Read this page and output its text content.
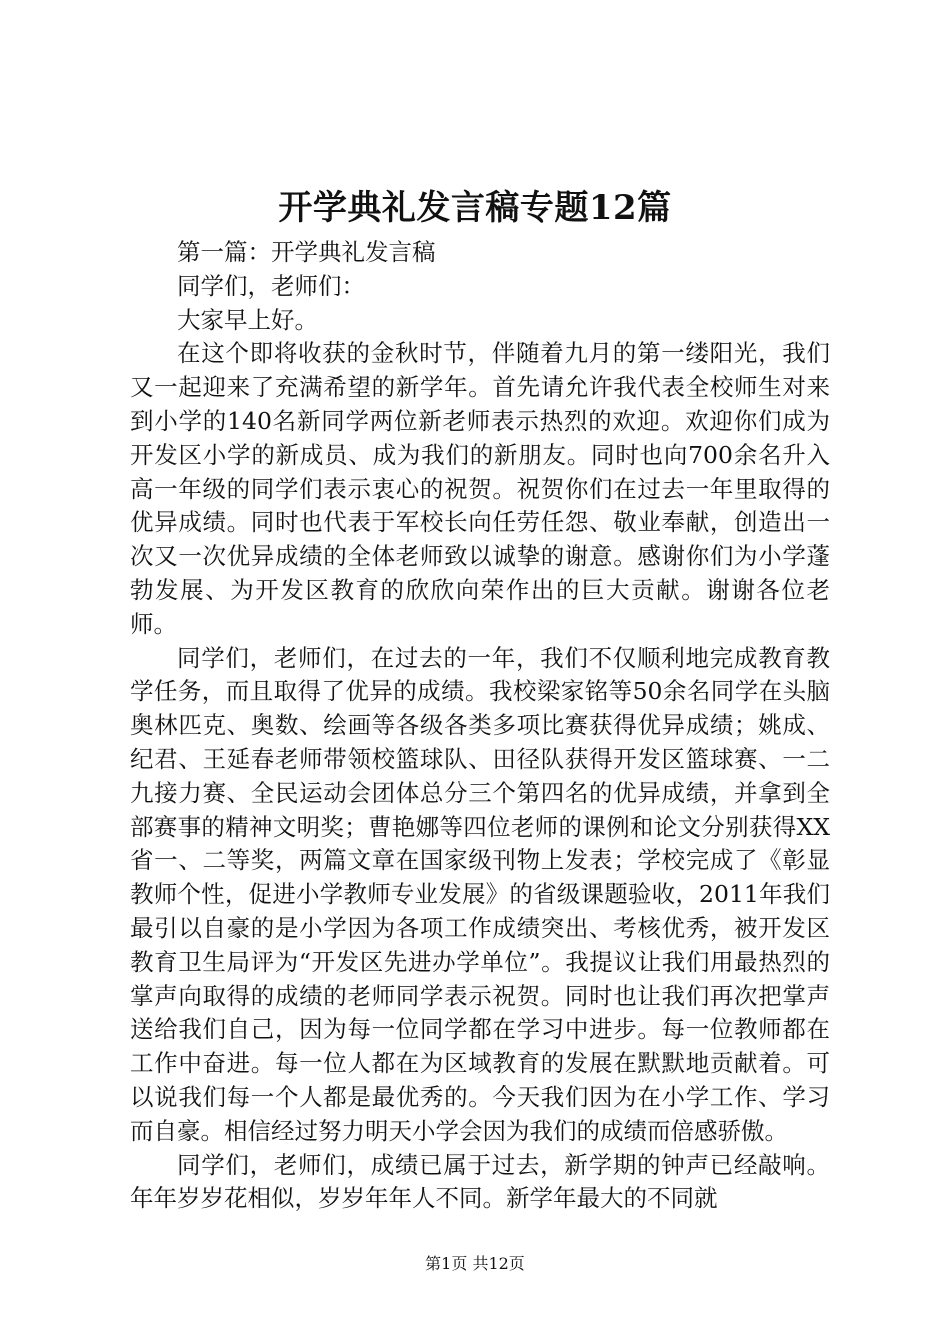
开学典礼发言稿专题12篇

第一篇：开学典礼发言稿

同学们，老师们：

大家早上好。

在这个即将收获的金秋时节，伴随着九月的第一缕阳光，我们又一起迎来了充满希望的新学年。首先请允许我代表全校师生对来到小学的140名新同学两位新老师表示热烈的欢迎。欢迎你们成为开发区小学的新成员、成为我们的新朋友。同时也向700余名升入高一年级的同学们表示衷心的祝贺。祝贺你们在过去一年里取得的优异成绩。同时也代表于军校长向任劳任怨、敬业奉献，创造出一次又一次优异成绩的全体老师致以诚挚的谢意。感谢你们为小学蓬勃发展、为开发区教育的欣欣向荣作出的巨大贡献。谢谢各位老师。

同学们，老师们，在过去的一年，我们不仅顺利地完成教育教学任务，而且取得了优异的成绩。我校梁家铭等50余名同学在头脑奥林匹克、奥数、绘画等各级各类多项比赛获得优异成绩；姚成、纪君、王延春老师带领校篮球队、田径队获得开发区篮球赛、一二九接力赛、全民运动会团体总分三个第四名的优异成绩，并拿到全部赛事的精神文明奖；曹艳娜等四位老师的课例和论文分别获得XX省一、二等奖，两篇文章在国家级刊物上发表；学校完成了《彰显教师个性，促进小学教师专业发展》的省级课题验收，2011年我们最引以自豪的是小学因为各项工作成绩突出、考核优秀，被开发区教育卫生局评为“开发区先进办学单位”。我提议让我们用最热烈的掌声向取得的成绩的老师同学表示祝贺。同时也让我们再次把掌声送给我们自己，因为每一位同学都在学习中进步。每一位教师都在工作中奋进。每一位人都在为区域教育的发展在默默地贡献着。可以说我们每一个人都是最优秀的。今天我们因为在小学工作、学习而自豪。相信经过努力明天小学会因为我们的成绩而倍感骄傲。

同学们，老师们，成绩已属于过去，新学期的钟声已经敲响。年年岁岁花相似，岁岁年年人不同。新学年最大的不同就

第1页 共12页
